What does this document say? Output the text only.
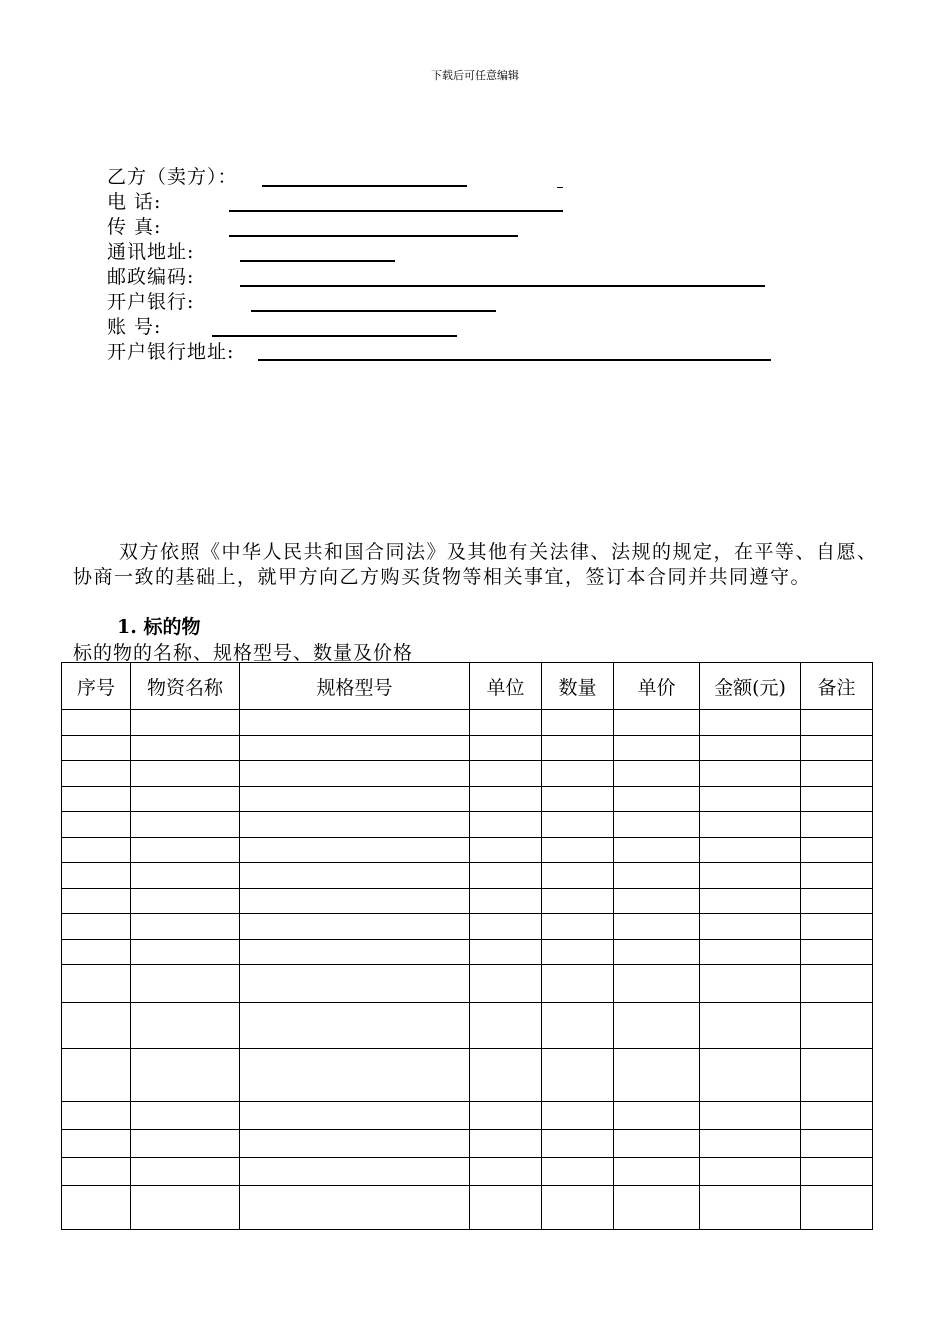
下载后可任意编辑
乙方（卖方）：
电 话:
传 真:
通讯地址:
邮政编码:
开户银行:
账 号:
开户银行地址:

双方依照《中华人民共和国合同法》及其他有关法律、法规的规定，在平等、自愿、协商一致的基础上，就甲方向乙方购买货物等相关事宜，签订本合同并共同遵守。

1. 标的物
标的物的名称、规格型号、数量及价格
序号	物资名称	规格型号	单位	数量	单价	金额(元)	备注
